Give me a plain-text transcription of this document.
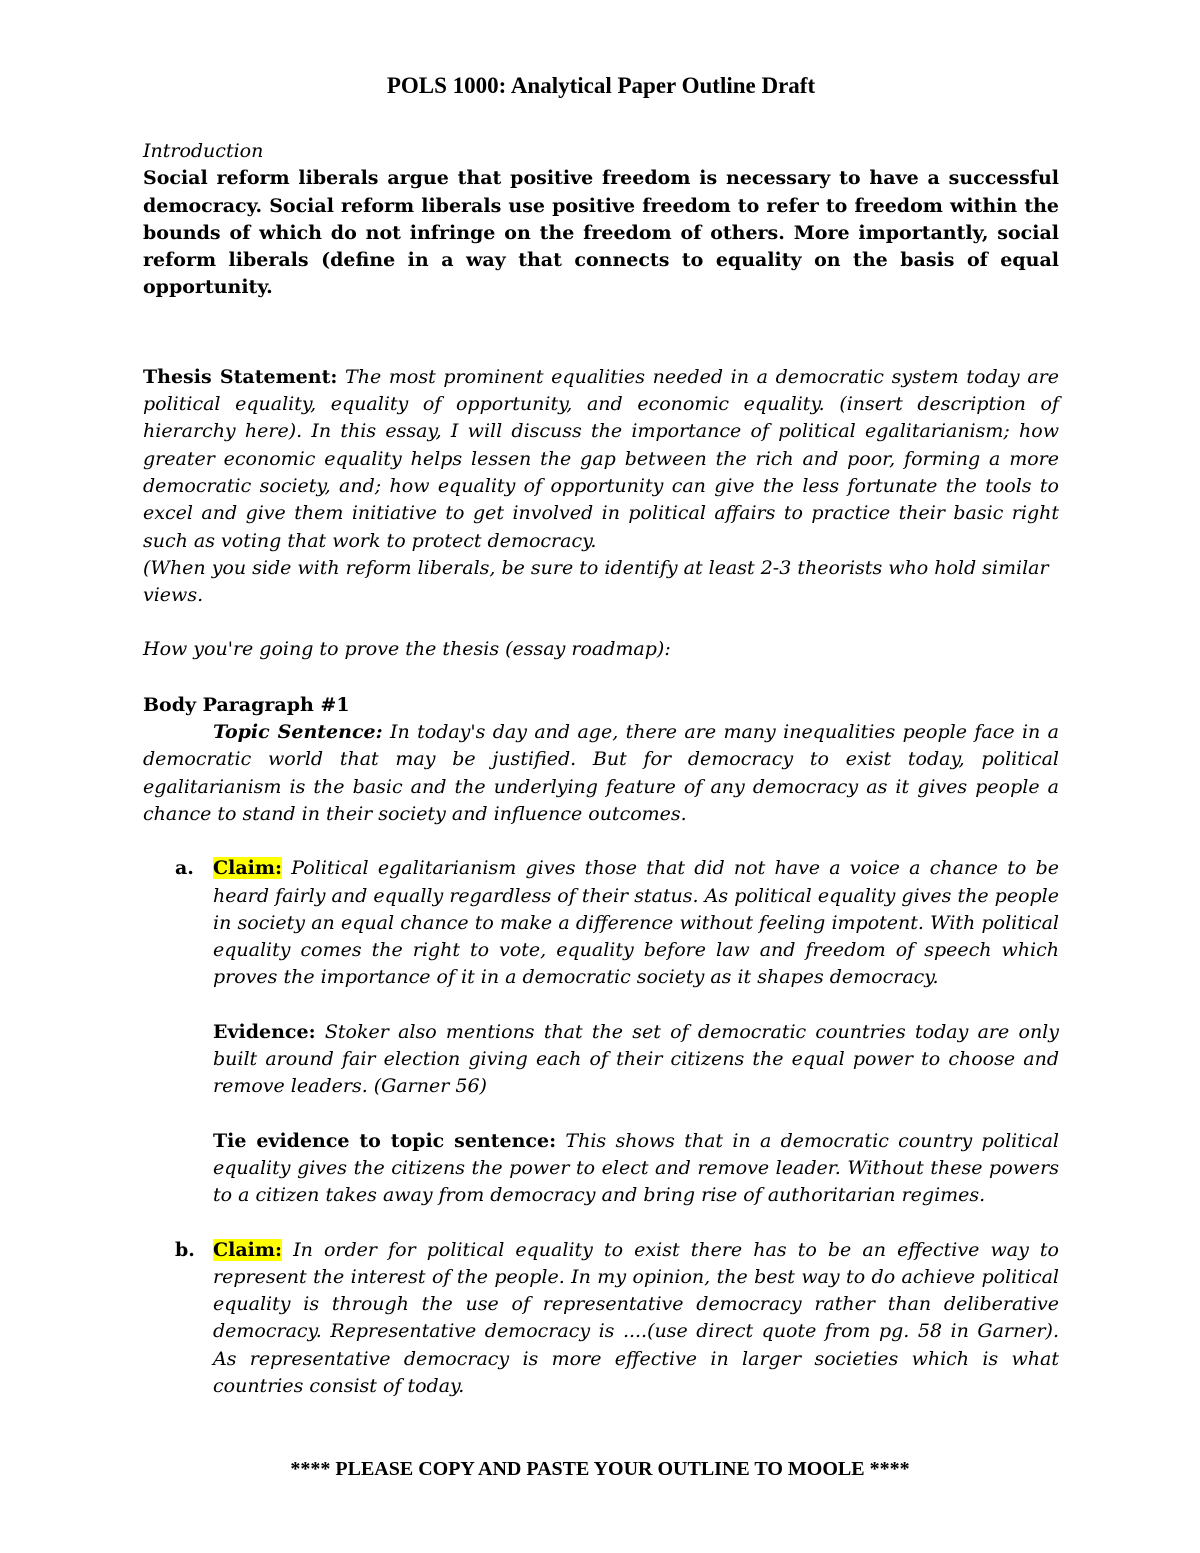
POLS 1000: Analytical Paper Outline Draft
Introduction

Social reform liberals argue that positive freedom is necessary to have a successful democracy. Social reform liberals use positive freedom to refer to freedom within the bounds of which do not infringe on the freedom of others. More importantly, social reform liberals (define in a way that connects to equality on the basis of equal opportunity.

Thesis Statement: The most prominent equalities needed in a democratic system today are political equality, equality of opportunity, and economic equality. (insert description of hierarchy here). In this essay, I will discuss the importance of political egalitarianism; how greater economic equality helps lessen the gap between the rich and poor, forming a more democratic society, and; how equality of opportunity can give the less fortunate the tools to excel and give them initiative to get involved in political affairs to practice their basic right such as voting that work to protect democracy.

(When you side with reform liberals, be sure to identify at least 2-3 theorists who hold similar views.

How you're going to prove the thesis (essay roadmap):

Body Paragraph #1

Topic Sentence: In today's day and age, there are many inequalities people face in a democratic world that may be justified. But for democracy to exist today, political egalitarianism is the basic and the underlying feature of any democracy as it gives people a chance to stand in their society and influence outcomes.

a. Claim: Political egalitarianism gives those that did not have a voice a chance to be heard fairly and equally regardless of their status. As political equality gives the people in society an equal chance to make a difference without feeling impotent. With political equality comes the right to vote, equality before law and freedom of speech which proves the importance of it in a democratic society as it shapes democracy.

Evidence: Stoker also mentions that the set of democratic countries today are only built around fair election giving each of their citizens the equal power to choose and remove leaders. (Garner 56)

Tie evidence to topic sentence: This shows that in a democratic country political equality gives the citizens the power to elect and remove leader. Without these powers to a citizen takes away from democracy and bring rise of authoritarian regimes.

b. Claim: In order for political equality to exist there has to be an effective way to represent the interest of the people. In my opinion, the best way to do achieve political equality is through the use of representative democracy rather than deliberative democracy. Representative democracy is ....(use direct quote from pg. 58 in Garner). As representative democracy is more effective in larger societies which is what countries consist of today.

**** PLEASE COPY AND PASTE YOUR OUTLINE TO MOOLE ****
